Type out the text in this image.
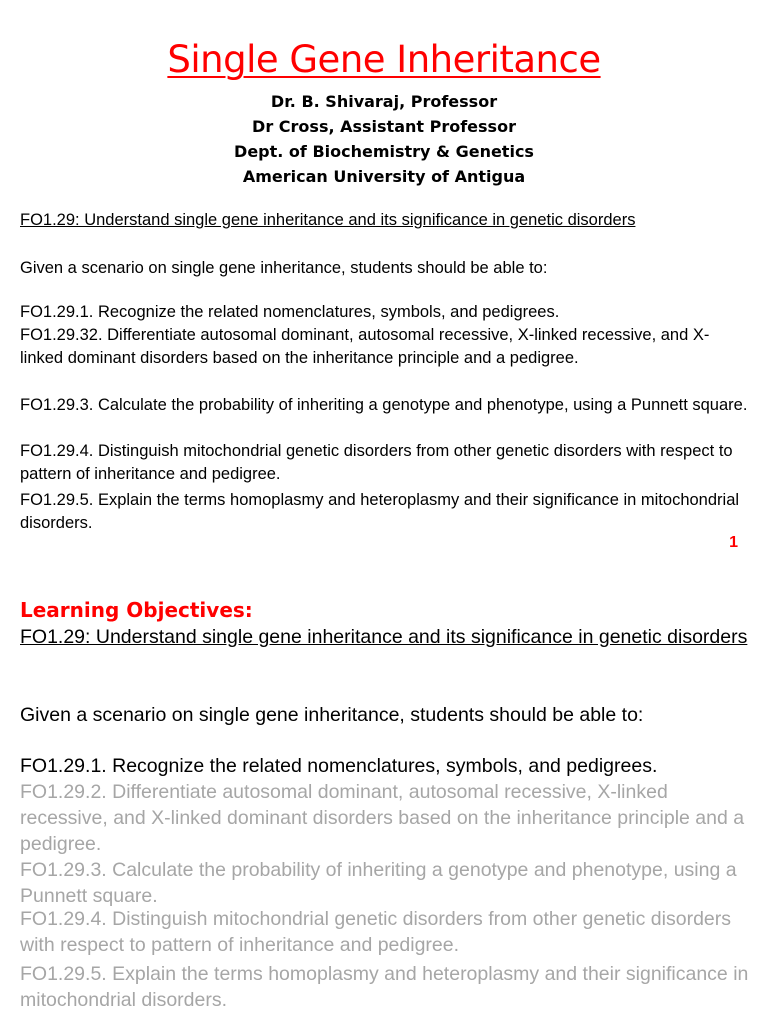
Single Gene Inheritance
Dr. B. Shivaraj, Professor
Dr Cross, Assistant Professor
Dept. of Biochemistry & Genetics
American University of Antigua
FO1.29: Understand single gene inheritance and its significance in genetic disorders
Given a scenario on single gene inheritance, students should be able to:
FO1.29.1. Recognize the related nomenclatures, symbols, and pedigrees.
FO1.29.32. Differentiate autosomal dominant, autosomal recessive, X-linked recessive, and X-linked dominant disorders based on the inheritance principle and a pedigree.
FO1.29.3. Calculate the probability of inheriting a genotype and phenotype, using a Punnett square.
FO1.29.4. Distinguish mitochondrial genetic disorders from other genetic disorders with respect to pattern of inheritance and pedigree.
FO1.29.5. Explain the terms homoplasmy and heteroplasmy and their significance in mitochondrial disorders.
1
Learning Objectives:
FO1.29: Understand single gene inheritance and its significance in genetic disorders
Given a scenario on single gene inheritance, students should be able to:
FO1.29.1. Recognize the related nomenclatures, symbols, and pedigrees.
FO1.29.2. Differentiate autosomal dominant, autosomal recessive, X-linked recessive, and X-linked dominant disorders based on the inheritance principle and a pedigree.
FO1.29.3. Calculate the probability of inheriting a genotype and phenotype, using a Punnett square.
FO1.29.4. Distinguish mitochondrial genetic disorders from other genetic disorders with respect to pattern of inheritance and pedigree.
FO1.29.5. Explain the terms homoplasmy and heteroplasmy and their significance in mitochondrial disorders.
